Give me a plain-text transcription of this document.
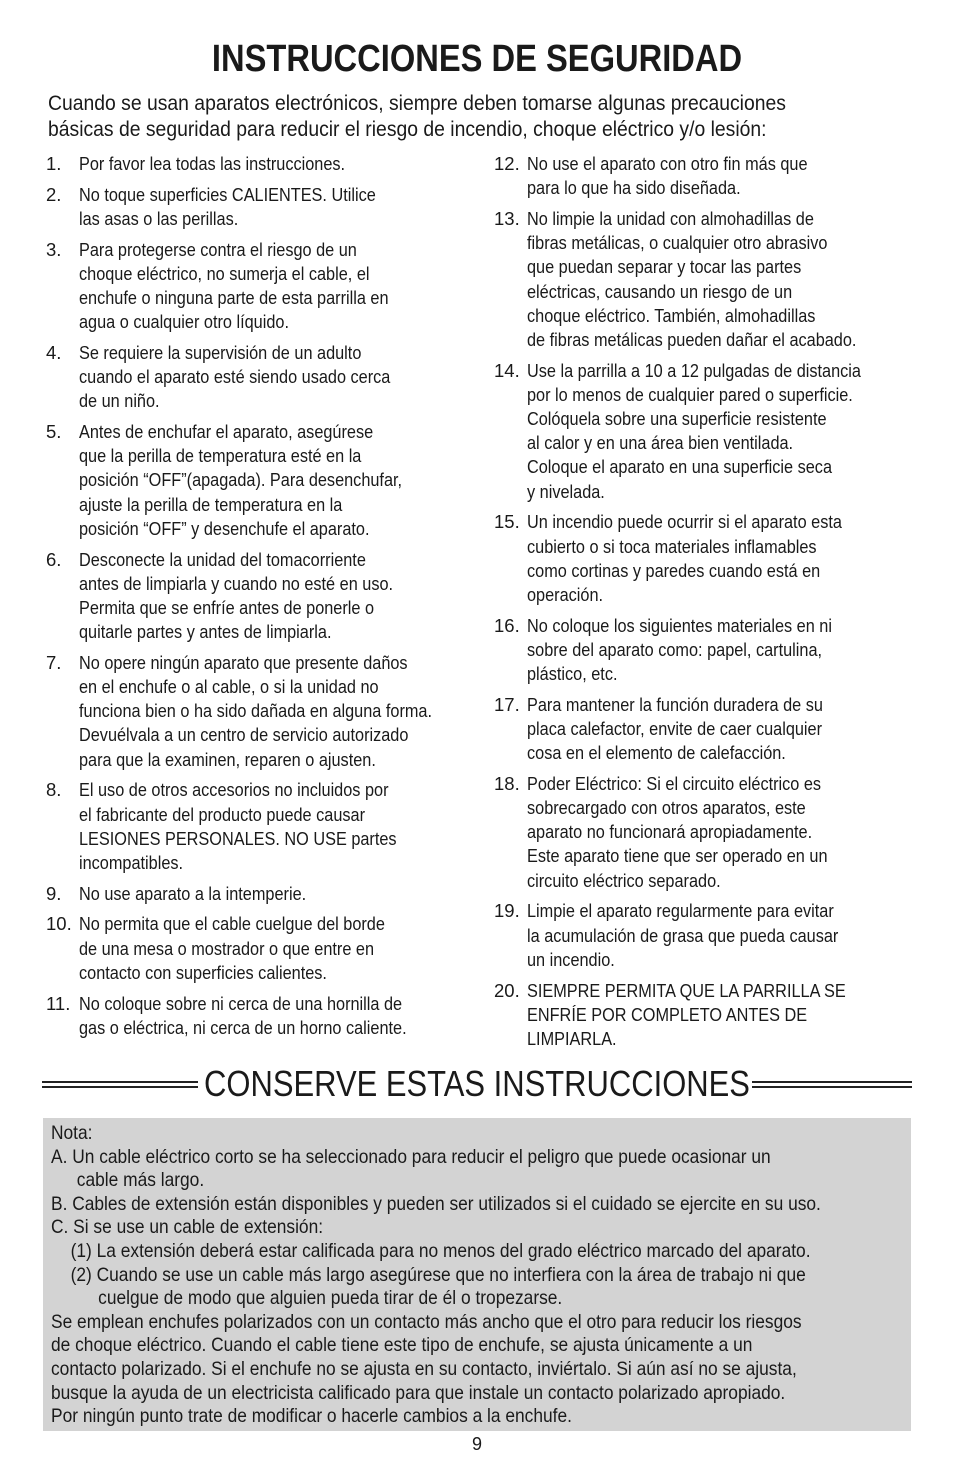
INSTRUCCIONES DE SEGURIDAD
Cuando se usan aparatos electrónicos, siempre deben tomarse algunas precauciones
básicas de seguridad para reducir el riesgo de incendio, choque eléctrico y/o lesión:
1. Por favor lea todas las instrucciones.
2. No toque superficies CALIENTES. Utilice
las asas o las perillas.
3. Para protegerse contra el riesgo de un
choque eléctrico, no sumerja el cable, el
enchufe o ninguna parte de esta parrilla en
agua o cualquier otro líquido.
4. Se requiere la supervisión de un adulto
cuando el aparato esté siendo usado cerca
de un niño.
5. Antes de enchufar el aparato, asegúrese
que la perilla de temperatura esté en la
posición “OFF”(apagada). Para desenchufar,
ajuste la perilla de temperatura en la
posición “OFF” y desenchufe el aparato.
6. Desconecte la unidad del tomacorriente
antes de limpiarla y cuando no esté en uso.
Permita que se enfríe antes de ponerle o
quitarle partes y antes de limpiarla.
7. No opere ningún aparato que presente daños
en el enchufe o al cable, o si la unidad no
funciona bien o ha sido dañada en alguna forma.
Devuélvala a un centro de servicio autorizado
para que la examinen, reparen o ajusten.
8. El uso de otros accesorios no incluidos por
el fabricante del producto puede causar
LESIONES PERSONALES. NO USE partes
incompatibles.
9. No use aparato a la intemperie.
10. No permita que el cable cuelgue del borde
de una mesa o mostrador o que entre en
contacto con superficies calientes.
11. No coloque sobre ni cerca de una hornilla de
gas o eléctrica, ni cerca de un horno caliente.
12. No use el aparato con otro fin más que
para lo que ha sido diseñada.
13. No limpie la unidad con almohadillas de
fibras metálicas, o cualquier otro abrasivo
que puedan separar y tocar las partes
eléctricas, causando un riesgo de un
choque eléctrico. También, almohadillas
de fibras metálicas pueden dañar el acabado.
14. Use la parrilla a 10 a 12 pulgadas de distancia
por lo menos de cualquier pared o superficie.
Colóquela sobre una superficie resistente
al calor y en una área bien ventilada.
Coloque el aparato en una superficie seca
y nivelada.
15. Un incendio puede ocurrir si el aparato esta
cubierto o si toca materiales inflamables
como cortinas y paredes cuando está en
operación.
16. No coloque los siguientes materiales en ni
sobre del aparato como: papel, cartulina,
plástico, etc.
17. Para mantener la función duradera de su
placa calefactor, envite de caer cualquier
cosa en el elemento de calefacción.
18. Poder Eléctrico: Si el circuito eléctrico es
sobrecargado con otros aparatos, este
aparato no funcionará apropiadamente.
Este aparato tiene que ser operado en un
circuito eléctrico separado.
19. Limpie el aparato regularmente para evitar
la acumulación de grasa que pueda causar
un incendio.
20. SIEMPRE PERMITA QUE LA PARRILLA SE
ENFRÍE POR COMPLETO ANTES DE
LIMPIARLA.
CONSERVE ESTAS INSTRUCCIONES
Nota:
A. Un cable eléctrico corto se ha seleccionado para reducir el peligro que puede ocasionar un
cable más largo.
B. Cables de extensión están disponibles y pueden ser utilizados si el cuidado se ejercite en su uso.
C. Si se use un cable de extensión:
(1) La extensión deberá estar calificada para no menos del grado eléctrico marcado del aparato.
(2) Cuando se use un cable más largo asegúrese que no interfiera con la área de trabajo ni que
cuelgue de modo que alguien pueda tirar de él o tropezarse.
Se emplean enchufes polarizados con un contacto más ancho que el otro para reducir los riesgos
de choque eléctrico. Cuando el cable tiene este tipo de enchufe, se ajusta únicamente a un
contacto polarizado. Si el enchufe no se ajusta en su contacto, inviértalo. Si aún así no se ajusta,
busque la ayuda de un electricista calificado para que instale un contacto polarizado apropiado.
Por ningún punto trate de modificar o hacerle cambios a la enchufe.
9
